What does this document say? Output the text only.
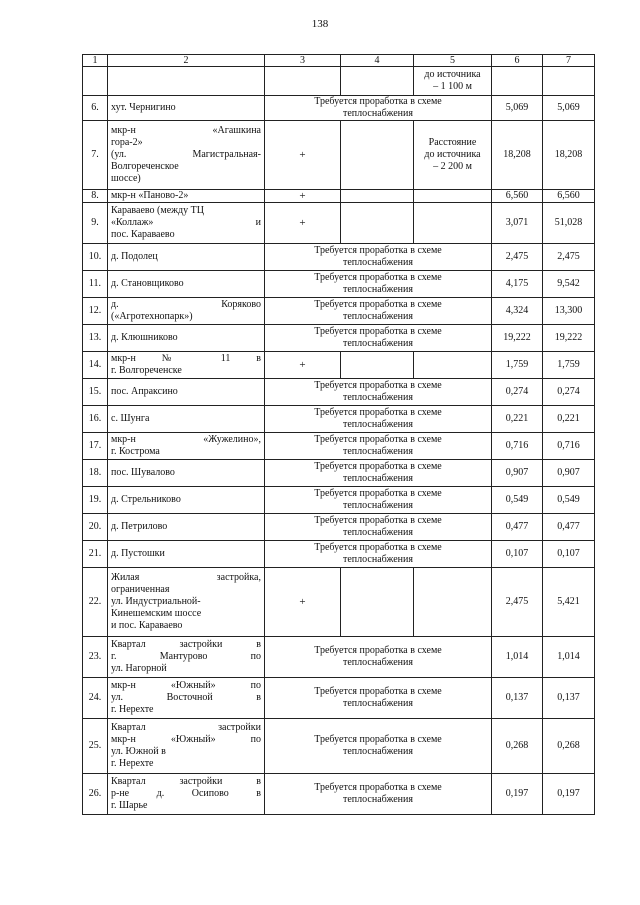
138
1	2	3	4	5	6	7

				до источника
– 1 100 м		

6.	хут. Чернигино	Требуется проработка в схеме
теплоснабжения			5,069	5,069
7.	мкр-н «Агашкина
гора-2»
(ул. Магистральная-
Волгореченское
шоссе)	+		Расстояние
до источника
– 2 200 м	18,208	18,208
8.	мкр-н «Паново-2»	+			6,560	6,560
9.	Караваево (между ТЦ
«Коллаж» и
пос. Караваево	+			3,071	51,028
10.	д. Подолец	Требуется проработка в схеме
теплоснабжения			2,475	2,475
11.	д. Становщиково	Требуется проработка в схеме
теплоснабжения			4,175	9,542
12.	д. Коряково
(«Агротехнопарк»)	Требуется проработка в схеме
теплоснабжения			4,324	13,300
13.	д. Клюшниково	Требуется проработка в схеме
теплоснабжения			19,222	19,222
14.	мкр-н № 11 в
г. Волгореченске	+			1,759	1,759
15.	пос. Апраксино	Требуется проработка в схеме
теплоснабжения			0,274	0,274
16.	с. Шунга	Требуется проработка в схеме
теплоснабжения			0,221	0,221
17.	мкр-н «Жужелино»,
г. Кострома	Требуется проработка в схеме
теплоснабжения			0,716	0,716
18.	пос. Шувалово	Требуется проработка в схеме
теплоснабжения			0,907	0,907
19.	д. Стрельниково	Требуется проработка в схеме
теплоснабжения			0,549	0,549
20.	д. Петрилово	Требуется проработка в схеме
теплоснабжения			0,477	0,477
21.	д. Пустошки	Требуется проработка в схеме
теплоснабжения			0,107	0,107
22.	Жилая застройка,
ограниченная
ул. Индустриальной-
Кинешемским шоссе
и пос. Караваево	+			2,475	5,421
23.	Квартал застройки в
г. Мантурово по
ул. Нагорной	Требуется проработка в схеме
теплоснабжения			1,014	1,014
24.	мкр-н «Южный» по
ул. Восточной в
г. Нерехте	Требуется проработка в схеме
теплоснабжения			0,137	0,137
25.	Квартал застройки
мкр-н «Южный» по
ул. Южной в
г. Нерехте	Требуется проработка в схеме
теплоснабжения			0,268	0,268
26.	Квартал застройки в
р-не д. Осипово в
г. Шарье	Требуется проработка в схеме
теплоснабжения			0,197	0,197
